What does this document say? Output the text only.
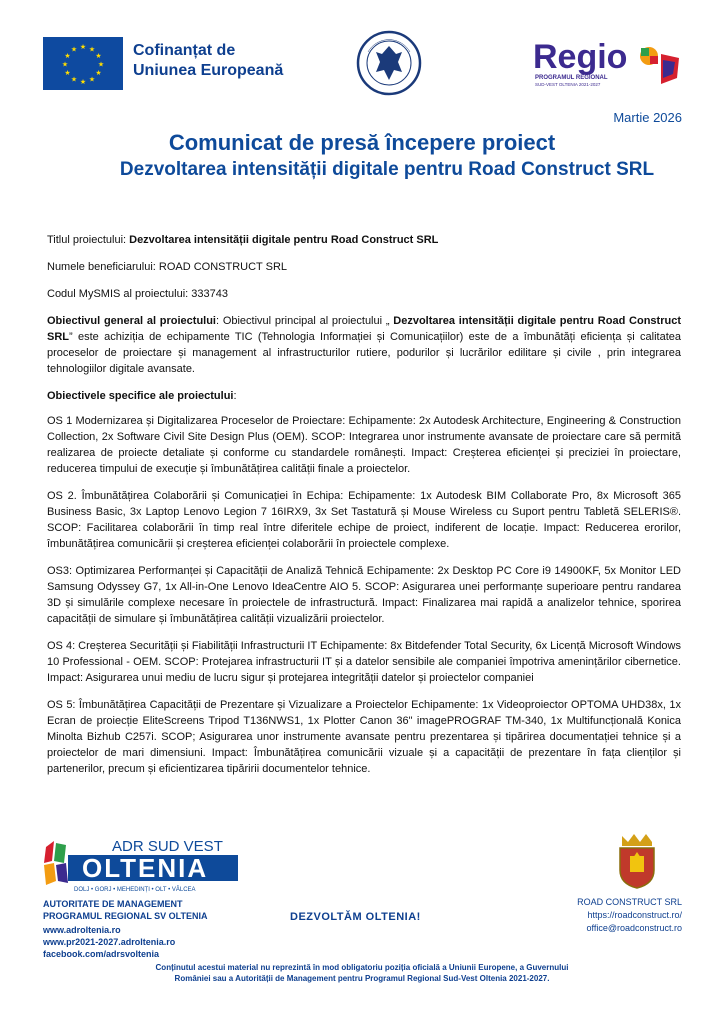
★ ★
★
★
★
★
★
★
★
★
★
★	Cofinanțat de
Uniunea Europeană	Regio
PROGRAMUL REGIONAL
SUD-VEST OLTENIA 2021-2027
Martie 2026
Comunicat de presă începere proiect
Dezvoltarea intensității digitale pentru Road Construct SRL

Titlul proiectului: Dezvoltarea intensității digitale pentru Road Construct SRL

Numele beneficiarului: ROAD CONSTRUCT SRL

Codul MySMIS al proiectului: 333743

Obiectivul general al proiectului: Obiectivul principal al proiectului „ Dezvoltarea intensității digitale pentru Road Construct SRL” este achiziția de echipamente TIC (Tehnologia Informației și Comunicațiilor) este de a îmbunătăți eficiența și calitatea proceselor de proiectare și management al infrastructurilor rutiere, podurilor și lucrărilor edilitare și civile , prin integrarea tehnologiilor digitale avansate.

Obiectivele specifice ale proiectului:

OS 1 Modernizarea și Digitalizarea Proceselor de Proiectare: Echipamente: 2x Autodesk Architecture, Engineering & Construction Collection, 2x Software Civil Site Design Plus (OEM). SCOP: Integrarea unor instrumente avansate de proiectare care să permită realizarea de proiecte detaliate și conforme cu standardele românești. Impact: Creșterea eficienței și preciziei în proiectare, reducerea timpului de execuție și îmbunătățirea calității finale a proiectelor.

OS 2. Îmbunătățirea Colaborării și Comunicației în Echipa: Echipamente: 1x Autodesk BIM Collaborate Pro, 8x Microsoft 365 Business Basic, 3x Laptop Lenovo Legion 7 16IRX9, 3x Set Tastatură și Mouse Wireless cu Suport pentru Tabletă SELERIS®. SCOP: Facilitarea colaborării în timp real între diferitele echipe de proiect, indiferent de locație. Impact: Reducerea erorilor, îmbunătățirea comunicării și creșterea eficienței colaborării în proiectele complexe.

OS3: Optimizarea Performanței și Capacității de Analiză Tehnică Echipamente: 2x Desktop PC Core i9 14900KF, 5x Monitor LED Samsung Odyssey G7, 1x All-in-One Lenovo IdeaCentre AIO 5. SCOP: Asigurarea unei performanțe superioare pentru randarea 3D și simulările complexe necesare în proiectele de infrastructură. Impact: Finalizarea mai rapidă a analizelor tehnice, sporirea capacității de simulare și îmbunătățirea calității vizualizării proiectelor.

OS 4: Creșterea Securității și Fiabilității Infrastructurii IT Echipamente: 8x Bitdefender Total Security, 6x Licență Microsoft Windows 10 Professional - OEM. SCOP: Protejarea infrastructurii IT și a datelor sensibile ale companiei împotriva amenințărilor cibernetice. Impact: Asigurarea unui mediu de lucru sigur și protejarea integrității datelor și proiectelor companiei

OS 5: Îmbunătățirea Capacității de Prezentare și Vizualizare a Proiectelor Echipamente: 1x Videoproiector OPTOMA UHD38x, 1x Ecran de proiecție EliteScreens Tripod T136NWS1, 1x Plotter Canon 36" imagePROGRAF TM-340, 1x Multifuncțională Konica Minolta Bizhub C257i. SCOP; Asigurarea unor instrumente avansate pentru prezentarea și tipărirea documentației tehnice și a proiectelor de mari dimensiuni. Impact: Îmbunătățirea comunicării vizuale și a capacității de prezentare în fața clienților și partenerilor, precum și eficientizarea tipăririi documentelor tehnice.

ADR SUD VEST
OLTENIA
DOLJ • GORJ • MEHEDINȚI • OLT • VÂLCEA
AUTORITATE DE MANAGEMENT
PROGRAMUL REGIONAL SV OLTENIA
www.adroltenia.ro
www.pr2021-2027.adroltenia.ro
facebook.com/adrsvoltenia
DEZVOLTĂM OLTENIA!
ROAD CONSTRUCT SRL
https://roadconstruct.ro/
office@roadconstruct.ro
Conținutul acestui material nu reprezintă în mod obligatoriu poziția oficială a Uniunii Europene, a Guvernului
României sau a Autorității de Management pentru Programul Regional Sud-Vest Oltenia 2021-2027.
